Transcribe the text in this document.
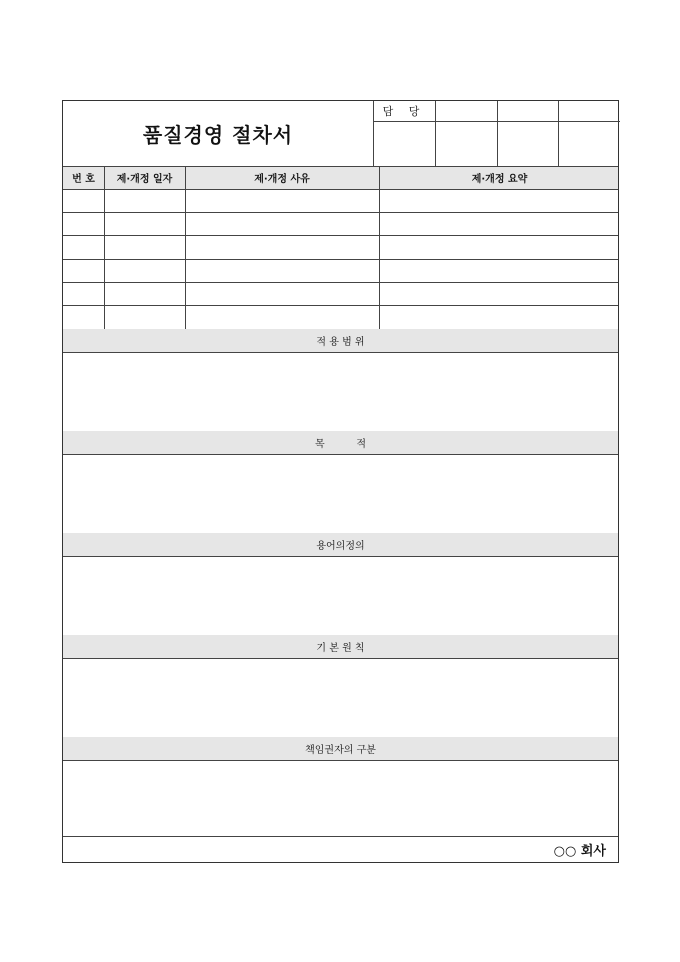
품질경영 절차서
담 당
번 호	제·개정 일자	제·개정 사유	제·개정 요약
적 용 범 위
목          적
용어의정의
기 본 원 칙
책임권자의 구분
○○ 회사
